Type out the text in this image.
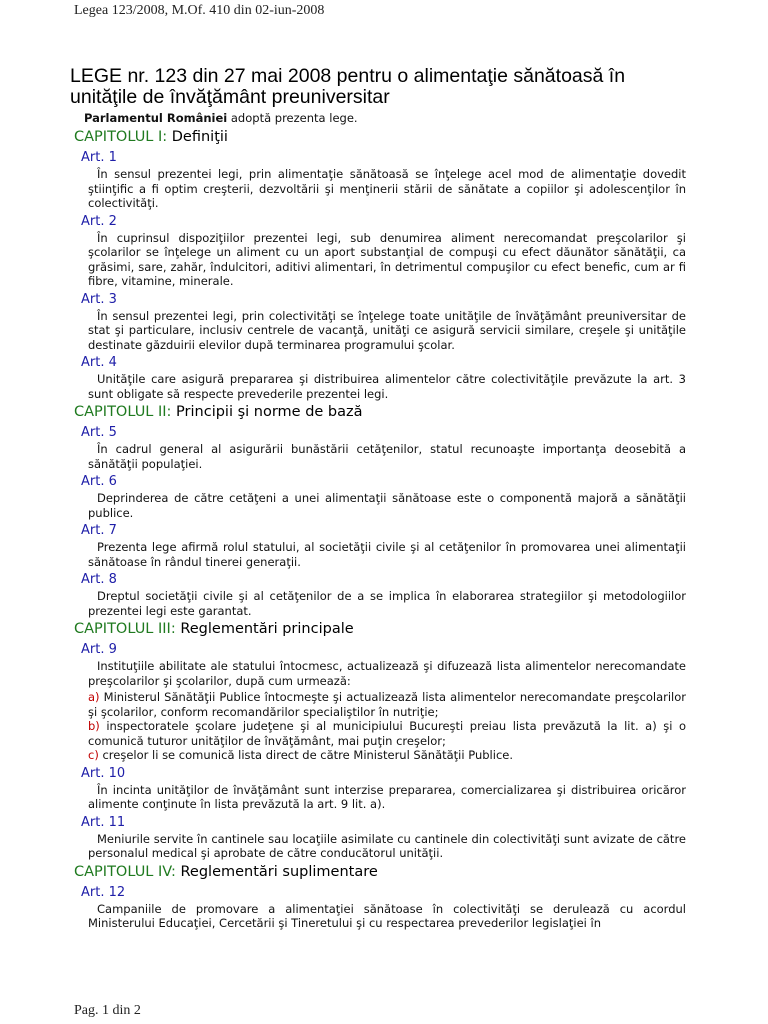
Legea 123/2008, M.Of. 410 din 02-iun-2008
LEGE nr. 123 din 27 mai 2008 pentru o alimentaţie sănătoasă în unităţile de învăţământ preuniversitar
Parlamentul României adoptă prezenta lege.
CAPITOLUL I: Definiţii
Art. 1
În sensul prezentei legi, prin alimentaţie sănătoasă se înţelege acel mod de alimentaţie dovedit ştiinţific a fi optim creşterii, dezvoltării şi menţinerii stării de sănătate a copiilor şi adolescenţilor în colectivităţi.
Art. 2
În cuprinsul dispoziţiilor prezentei legi, sub denumirea aliment nerecomandat preşcolarilor şi şcolarilor se înţelege un aliment cu un aport substanţial de compuşi cu efect dăunător sănătăţii, ca grăsimi, sare, zahăr, îndulcitori, aditivi alimentari, în detrimentul compuşilor cu efect benefic, cum ar fi fibre, vitamine, minerale.
Art. 3
În sensul prezentei legi, prin colectivităţi se înţelege toate unităţile de învăţământ preuniversitar de stat şi particulare, inclusiv centrele de vacanţă, unităţi ce asigură servicii similare, creşele şi unităţile destinate găzduirii elevilor după terminarea programului şcolar.
Art. 4
Unităţile care asigură prepararea şi distribuirea alimentelor către colectivităţile prevăzute la art. 3 sunt obligate să respecte prevederile prezentei legi.
CAPITOLUL II: Principii şi norme de bază
Art. 5
În cadrul general al asigurării bunăstării cetăţenilor, statul recunoaşte importanţa deosebită a sănătăţii populaţiei.
Art. 6
Deprinderea de către cetăţeni a unei alimentaţii sănătoase este o componentă majoră a sănătăţii publice.
Art. 7
Prezenta lege afirmă rolul statului, al societăţii civile şi al cetăţenilor în promovarea unei alimentaţii sănătoase în rândul tinerei generaţii.
Art. 8
Dreptul societăţii civile şi al cetăţenilor de a se implica în elaborarea strategiilor şi metodologiilor prezentei legi este garantat.
CAPITOLUL III: Reglementări principale
Art. 9
Instituţiile abilitate ale statului întocmesc, actualizează şi difuzează lista alimentelor nerecomandate preşcolarilor şi şcolarilor, după cum urmează:
a) Ministerul Sănătăţii Publice întocmeşte şi actualizează lista alimentelor nerecomandate preşcolarilor şi şcolarilor, conform recomandărilor specialiştilor în nutriţie;
b) inspectoratele şcolare judeţene şi al municipiului Bucureşti preiau lista prevăzută la lit. a) şi o comunică tuturor unităţilor de învăţământ, mai puţin creşelor;
c) creşelor li se comunică lista direct de către Ministerul Sănătăţii Publice.
Art. 10
În incinta unităţilor de învăţământ sunt interzise prepararea, comercializarea şi distribuirea oricăror alimente conţinute în lista prevăzută la art. 9 lit. a).
Art. 11
Meniurile servite în cantinele sau locaţiile asimilate cu cantinele din colectivităţi sunt avizate de către personalul medical şi aprobate de către conducătorul unităţii.
CAPITOLUL IV: Reglementări suplimentare
Art. 12
Campaniile de promovare a alimentaţiei sănătoase în colectivităţi se derulează cu acordul Ministerului Educaţiei, Cercetării şi Tineretului şi cu respectarea prevederilor legislaţiei în
Pag. 1 din 2
